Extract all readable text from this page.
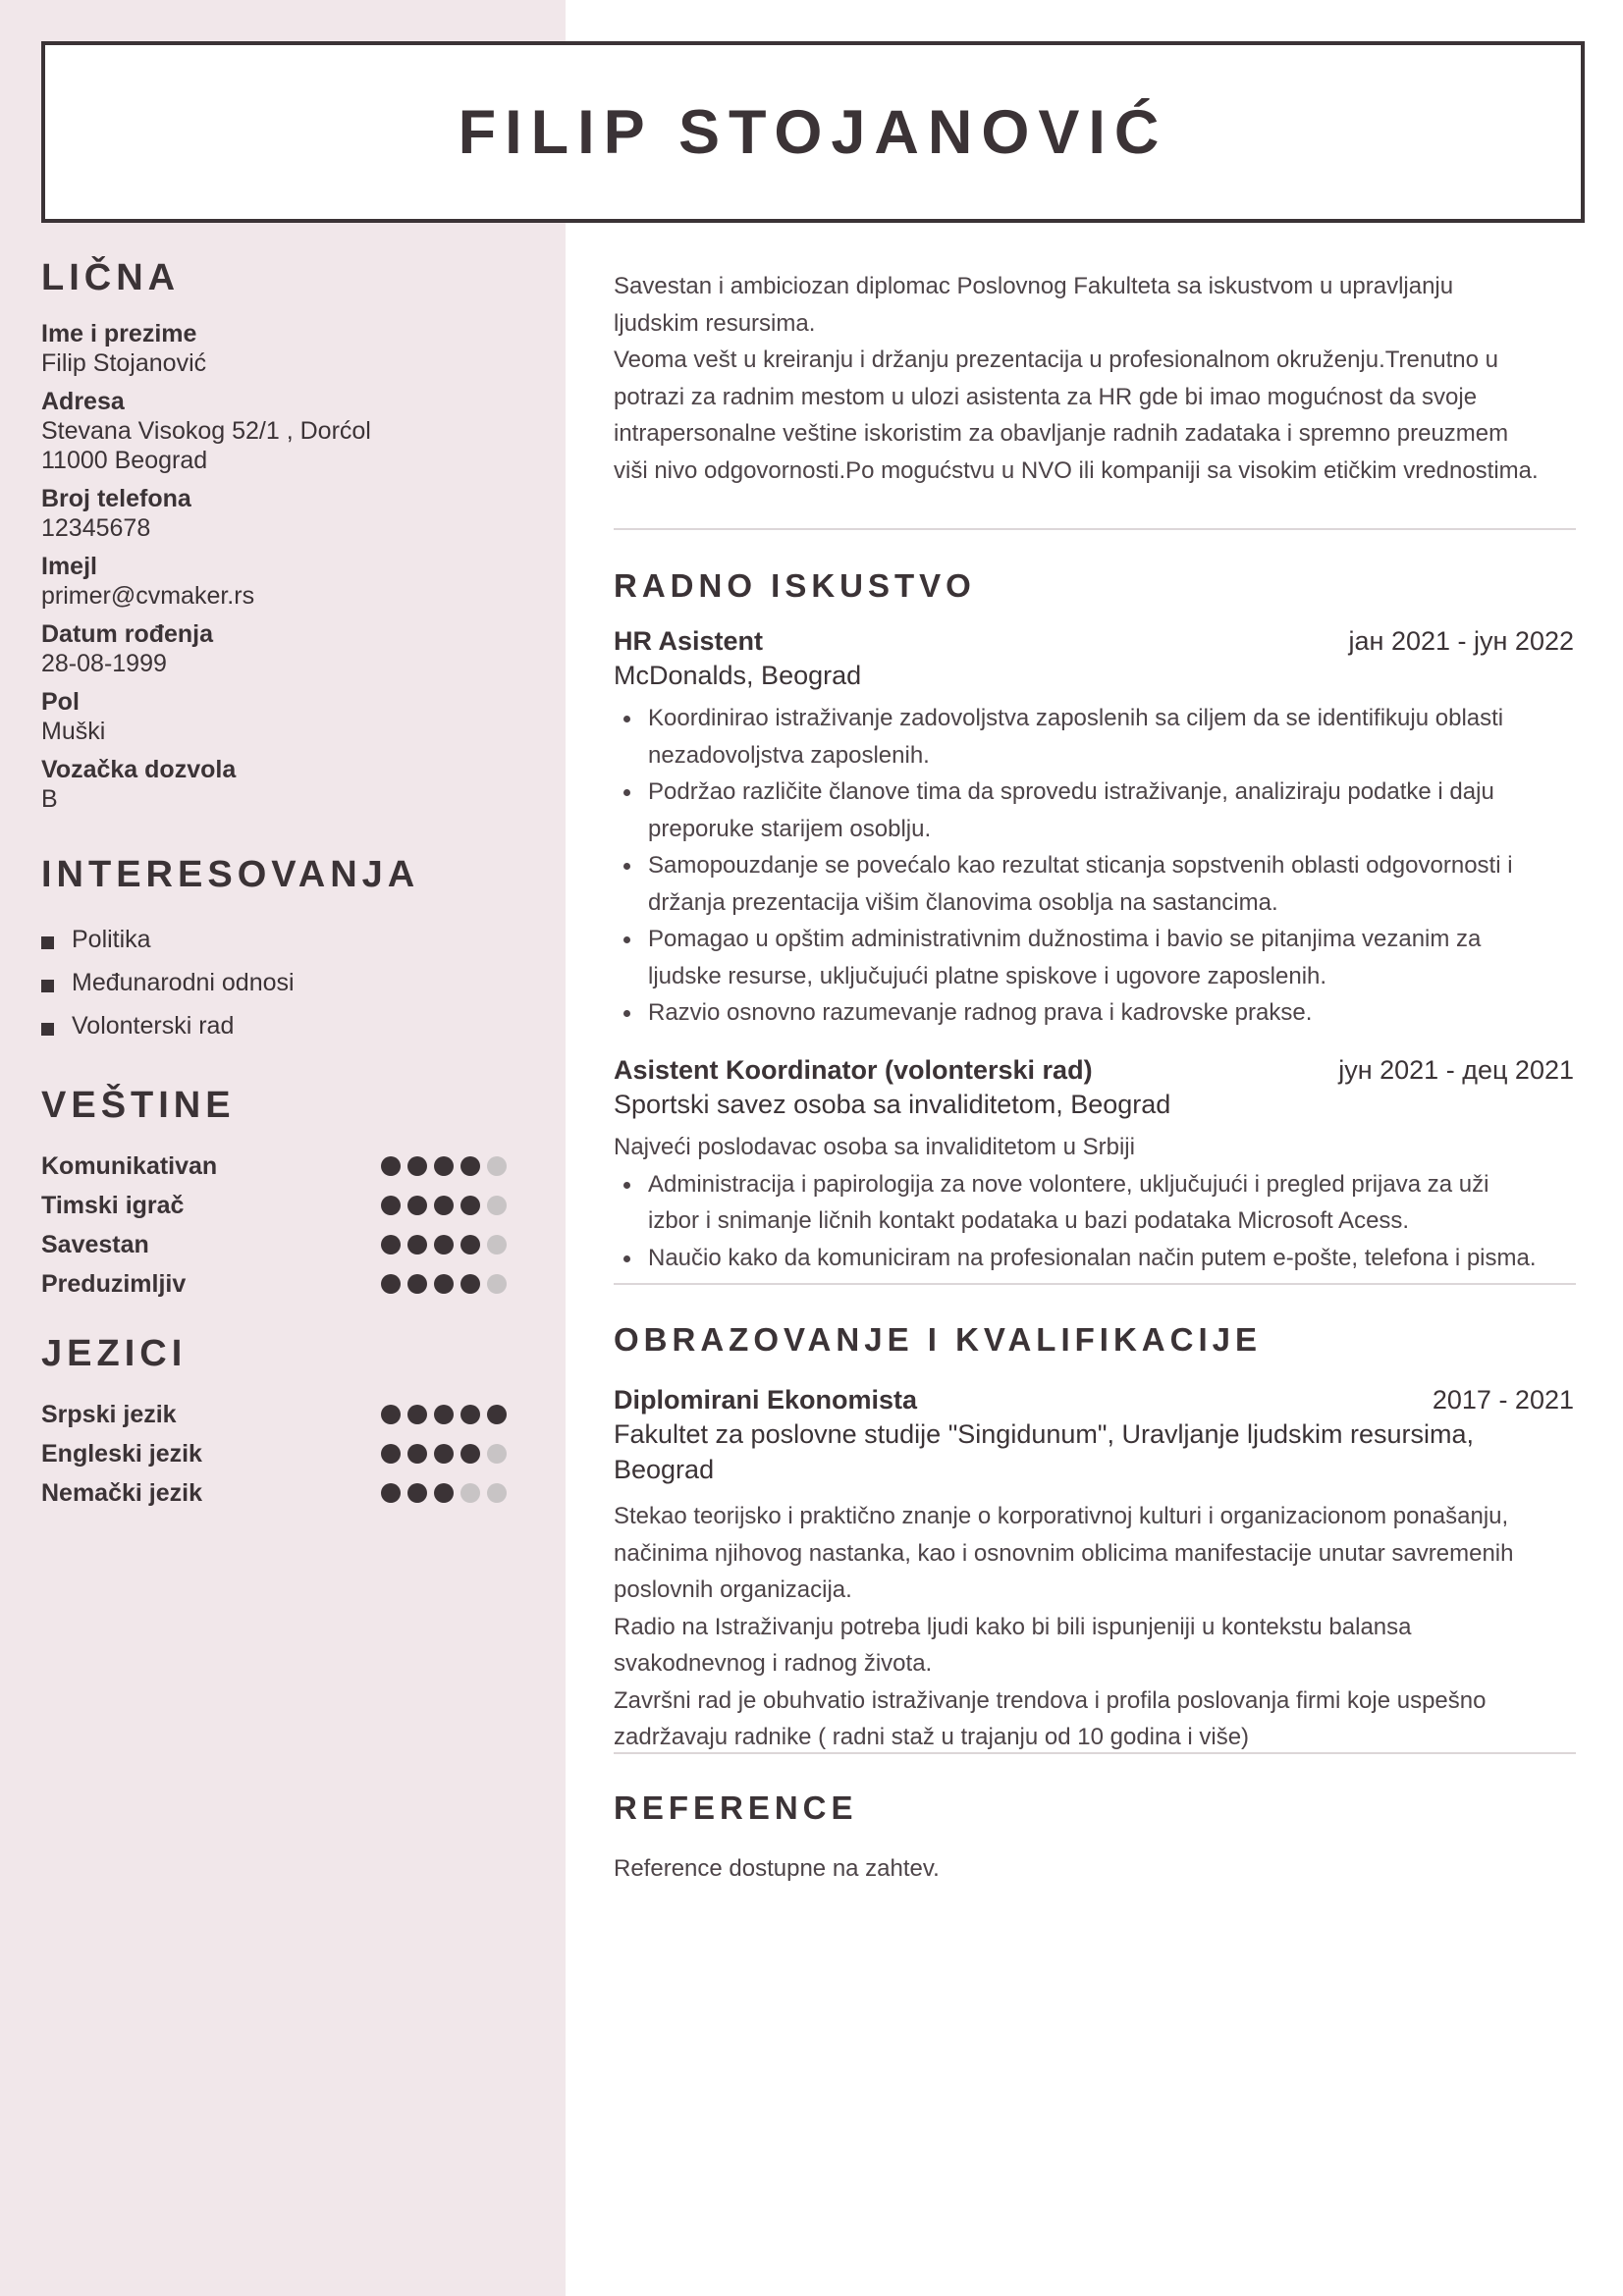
FILIP STOJANOVIĆ
LIČNA
Ime i prezime
Filip Stojanović
Adresa
Stevana Visokog 52/1 , Dorćol
11000 Beograd
Broj telefona
12345678
Imejl
primer@cvmaker.rs
Datum rođenja
28-08-1999
Pol
Muški
Vozačka dozvola
B
INTERESOVANJA
Politika
Međunarodni odnosi
Volonterski rad
VEŠTINE
Komunikativan
Timski igrač
Savestan
Preduzimljiv
JEZICI
Srpski jezik
Engleski jezik
Nemački jezik
Savestan i ambiciozan diplomac Poslovnog Fakulteta sa iskustvom u upravljanju
ljudskim resursima.
Veoma vešt u kreiranju i držanju prezentacija u profesionalnom okruženju.Trenutno u
potrazi za radnim mestom u ulozi asistenta za HR gde bi imao mogućnost da svoje
intrapersonalne veštine iskoristim za obavljanje radnih zadataka i spremno preuzmem
viši nivo odgovornosti.Po mogućstvu u NVO ili kompaniji sa visokim etičkim vrednostima.
RADNO ISKUSTVO
HR Asistent	јан 2021 - јун 2022
McDonalds, Beograd
Koordinirao istraživanje zadovoljstva zaposlenih sa ciljem da se identifikuju oblasti
nezadovoljstva zaposlenih.
Podržao različite članove tima da sprovedu istraživanje, analiziraju podatke i daju
preporuke starijem osoblju.
Samopouzdanje se povećalo kao rezultat sticanja sopstvenih oblasti odgovornosti i
držanja prezentacija višim članovima osoblja na sastancima.
Pomagao u opštim administrativnim dužnostima i bavio se pitanjima vezanim za
ljudske resurse, uključujući platne spiskove i ugovore zaposlenih.
Razvio osnovno razumevanje radnog prava i kadrovske prakse.
Asistent Koordinator (volonterski rad)	јун 2021 - дец 2021
Sportski savez osoba sa invaliditetom, Beograd
Najveći poslodavac osoba sa invaliditetom u Srbiji
Administracija i papirologija za nove volontere, uključujući i pregled prijava za uži
izbor i snimanje ličnih kontakt podataka u bazi podataka Microsoft Acess.
Naučio kako da komuniciram na profesionalan način putem e-pošte, telefona i pisma.
OBRAZOVANJE I KVALIFIKACIJE
Diplomirani Ekonomista	2017 - 2021
Fakultet za poslovne studije "Singidunum", Uravljanje ljudskim resursima,
Beograd
Stekao teorijsko i praktično znanje o korporativnoj kulturi i organizacionom ponašanju,
načinima njihovog nastanka, kao i osnovnim oblicima manifestacije unutar savremenih
poslovnih organizacija.
Radio na Istraživanju potreba ljudi kako bi bili ispunjeniji u kontekstu balansa
svakodnevnog i radnog života.
Završni rad je obuhvatio istraživanje trendova i profila poslovanja firmi koje uspešno
zadržavaju radnike ( radni staž u trajanju od 10 godina i više)
REFERENCE
Reference dostupne na zahtev.
